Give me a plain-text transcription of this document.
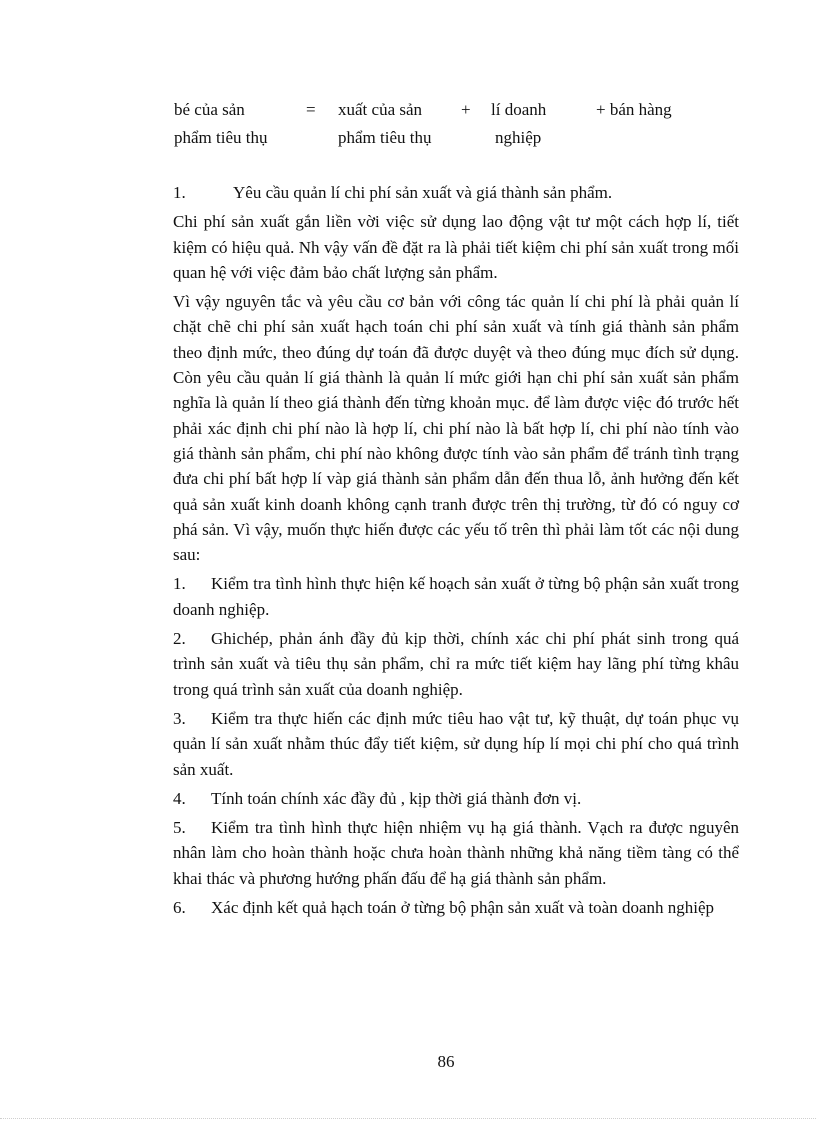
bé của sản	= xuất của sản + lí doanh	+ bán hàng
phẩm tiêu thụ	phẩm tiêu thụ	nghiệp

1.	Yêu cầu quản lí chi phí sản xuất và giá thành sản phẩm.

Chi phí sản xuất gắn liền vời việc sử dụng lao động vật tư một cách hợp lí, tiết kiệm có hiệu quả. Nh vậy vấn đề đặt ra là phải tiết kiệm chi phí sản xuất trong mối quan hệ với việc đảm bảo chất lượng sản phẩm.

Vì vậy nguyên tắc và yêu cầu cơ bản với công tác quản lí chi phí là phải quản lí chặt chẽ chi phí sản xuất hạch toán chi phí sản xuất và tính giá thành sản phẩm theo định mức, theo đúng dự toán đã được duyệt và theo đúng mục đích sử dụng. Còn yêu cầu quản lí giá thành là quản lí mức giới hạn chi phí sản xuất sản phẩm nghĩa là quản lí theo giá thành đến từng khoản mục. để làm được việc đó trước hết phải xác định chi phí nào là hợp lí, chi phí nào là bất hợp lí, chi phí nào tính vào giá thành sản phẩm, chi phí nào không được tính vào sản phẩm để tránh tình trạng đưa chi phí bất hợp lí vàp giá thành sản phẩm dẫn đến thua lỗ, ảnh hưởng đến kết quả sản xuất kinh doanh không cạnh tranh được trên thị trường, từ đó có nguy cơ phá sản. Vì vậy, muốn thực hiến được các yếu tố trên thì phải làm tốt các nội dung sau:

1. Kiểm tra tình hình thực hiện kế hoạch sản xuất ở từng bộ phận sản xuất trong doanh nghiệp.

2. Ghichép, phản ánh đầy đủ kịp thời, chính xác chi phí phát sinh trong quá trình sản xuất và tiêu thụ sản phẩm, chỉ ra mức tiết kiệm hay lãng phí từng khâu trong quá trình sản xuất của doanh nghiệp.

3. Kiểm tra thực hiến các định mức tiêu hao vật tư, kỹ thuật, dự toán phục vụ quản lí sản xuất nhằm thúc đẩy tiết kiệm, sử dụng híp lí mọi chi phí cho quá trình sản xuất.

4. Tính toán chính xác đầy đủ , kịp thời giá thành đơn vị.

5. Kiểm tra tình hình thực hiện nhiệm vụ hạ giá thành. Vạch ra được nguyên nhân làm cho hoàn thành hoặc chưa hoàn thành những khả năng tiềm tàng có thể khai thác và phương hướng phấn đấu để hạ giá thành sản phẩm.

6. Xác định kết quả hạch toán ở từng bộ phận sản xuất và toàn doanh nghiệp

86
